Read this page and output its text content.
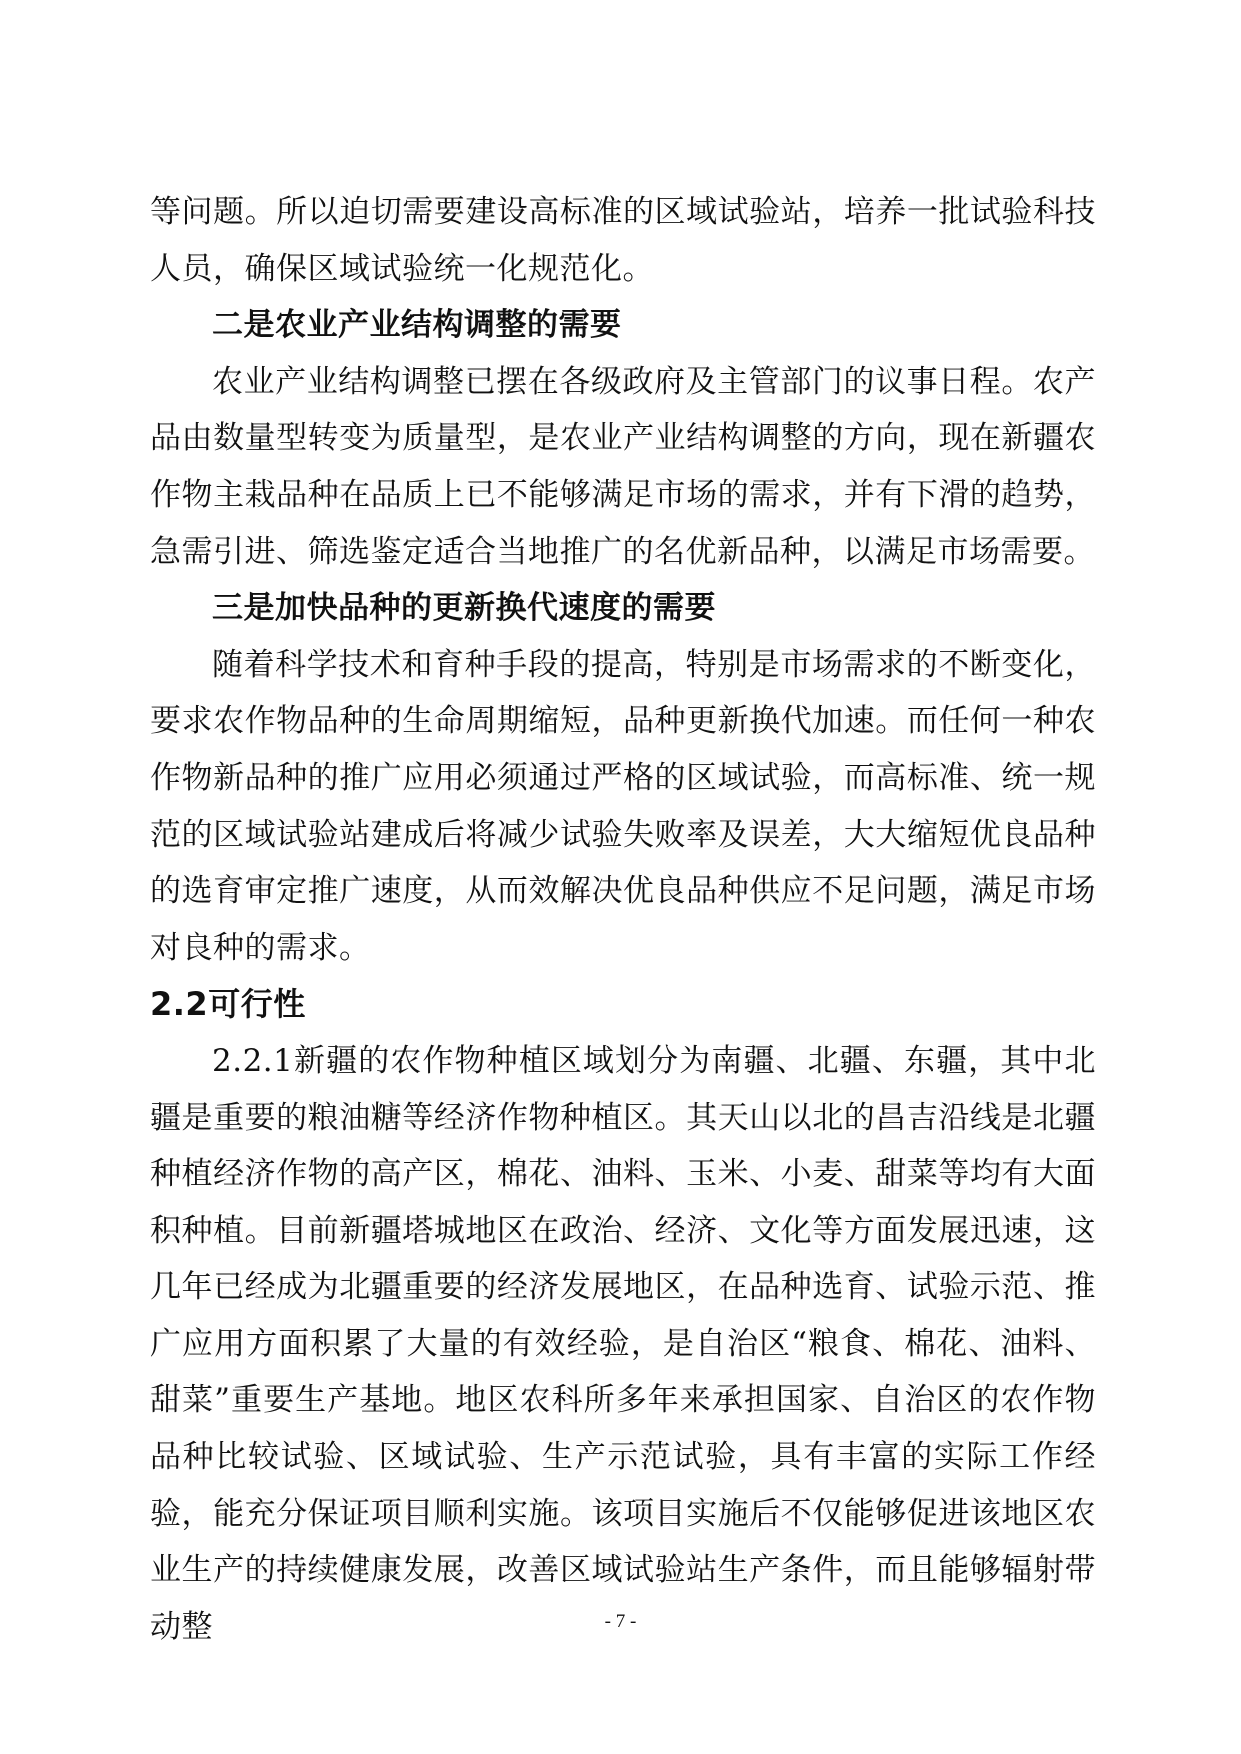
等问题。所以迫切需要建设高标准的区域试验站，培养一批试验科技人员，确保区域试验统一化规范化。

二是农业产业结构调整的需要

农业产业结构调整已摆在各级政府及主管部门的议事日程。农产品由数量型转变为质量型，是农业产业结构调整的方向，现在新疆农作物主栽品种在品质上已不能够满足市场的需求，并有下滑的趋势，急需引进、筛选鉴定适合当地推广的名优新品种，以满足市场需要。

三是加快品种的更新换代速度的需要

随着科学技术和育种手段的提高，特别是市场需求的不断变化，要求农作物品种的生命周期缩短，品种更新换代加速。而任何一种农作物新品种的推广应用必须通过严格的区域试验，而高标准、统一规范的区域试验站建成后将减少试验失败率及误差，大大缩短优良品种的选育审定推广速度，从而效解决优良品种供应不足问题，满足市场对良种的需求。

2.2可行性

2.2.1新疆的农作物种植区域划分为南疆、北疆、东疆，其中北疆是重要的粮油糖等经济作物种植区。其天山以北的昌吉沿线是北疆种植经济作物的高产区，棉花、油料、玉米、小麦、甜菜等均有大面积种植。目前新疆塔城地区在政治、经济、文化等方面发展迅速，这几年已经成为北疆重要的经济发展地区，在品种选育、试验示范、推广应用方面积累了大量的有效经验，是自治区“粮食、棉花、油料、甜菜”重要生产基地。地区农科所多年来承担国家、自治区的农作物品种比较试验、区域试验、生产示范试验，具有丰富的实际工作经验，能充分保证项目顺利实施。该项目实施后不仅能够促进该地区农业生产的持续健康发展，改善区域试验站生产条件，而且能够辐射带动整	- 7 -
